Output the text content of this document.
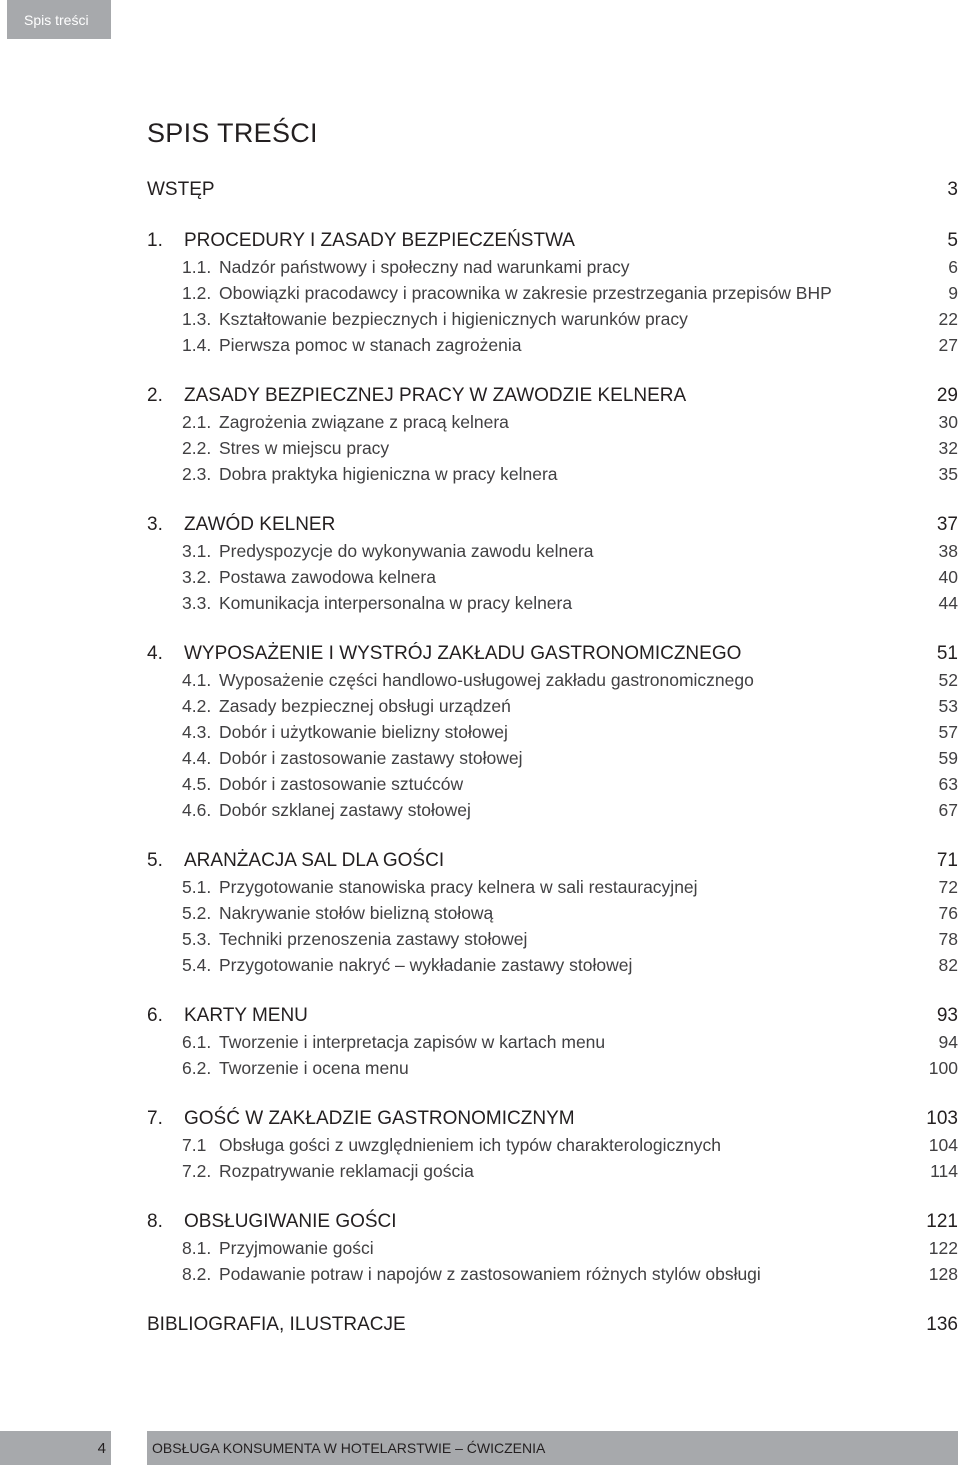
Spis treści
SPIS TREŚCI
WSTĘP	3
1.	PROCEDURY I ZASADY BEZPIECZEŃSTWA	5
1.1. Nadzór państwowy i społeczny nad warunkami pracy	6
1.2. Obowiązki pracodawcy i pracownika w zakresie przestrzegania przepisów BHP	9
1.3. Kształtowanie bezpiecznych i higienicznych warunków pracy	22
1.4. Pierwsza pomoc w stanach zagrożenia	27
2.	ZASADY BEZPIECZNEJ PRACY W ZAWODZIE KELNERA	29
2.1. Zagrożenia związane z pracą kelnera	30
2.2. Stres w miejscu pracy	32
2.3. Dobra praktyka higieniczna w pracy kelnera	35
3.	ZAWÓD KELNER	37
3.1. Predyspozycje do wykonywania zawodu kelnera	38
3.2. Postawa zawodowa kelnera	40
3.3. Komunikacja interpersonalna w pracy kelnera	44
4.	WYPOSAŻENIE I WYSTRÓJ ZAKŁADU GASTRONOMICZNEGO	51
4.1. Wyposażenie części handlowo-usługowej zakładu gastronomicznego	52
4.2. Zasady bezpiecznej obsługi urządzeń	53
4.3. Dobór i użytkowanie bielizny stołowej	57
4.4. Dobór i zastosowanie zastawy stołowej	59
4.5. Dobór i zastosowanie sztućców	63
4.6. Dobór szklanej zastawy stołowej	67
5.	ARANŻACJA SAL DLA GOŚCI	71
5.1. Przygotowanie stanowiska pracy kelnera w sali restauracyjnej	72
5.2. Nakrywanie stołów bielizną stołową	76
5.3. Techniki przenoszenia zastawy stołowej	78
5.4. Przygotowanie nakryć – wykładanie zastawy stołowej	82
6.	KARTY MENU	93
6.1. Tworzenie i interpretacja zapisów w kartach menu	94
6.2. Tworzenie i ocena menu	100
7.	GOŚĆ W ZAKŁADZIE GASTRONOMICZNYM	103
7.1 Obsługa gości z uwzględnieniem ich typów charakterologicznych	104
7.2. Rozpatrywanie reklamacji gościa	114
8.	OBSŁUGIWANIE GOŚCI	121
8.1. Przyjmowanie gości	122
8.2. Podawanie potraw i napojów z zastosowaniem różnych stylów obsługi	128
BIBLIOGRAFIA, ILUSTRACJE	136
4	OBSŁUGA KONSUMENTA W HOTELARSTWIE – ĆWICZENIA
